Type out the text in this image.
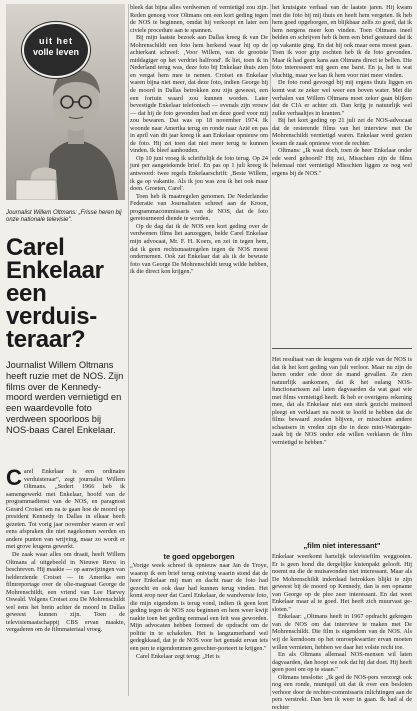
uit het
volle leven

Journalist Willem Oltmans: „Frisse heren bij onze nationale televisie".

Carel Enkelaar een verduisteraar?

Journalist Willem Oltmans heeft ruzie met de NOS. Zijn films over de Kennedy-moord werden vernietigd en een waardevolle foto verdween spoorloos bij NOS-baas Carel Enkelaar.

Carel Enkelaar is een ordinaire verduisteraar", zegt journalist Willem Oltmans. „Sedert 1966 heb ik samengewerkt met Enkelaar, hoofd van de programmadienst van de NOS, en paragnost Gerard Croiset om na te gaan hoe de moord op president Kennedy in Dallas in elkaar heeft gezeten. Tot vorig jaar november waren er wel eens afspraken die niet nagekomen werden en andere punten van wrijving, maar zo wordt er met grove leugens gewerkt.

De zaak waar alles om draait, heeft Willem Oltmans al uitgebeeld in Nieuwe Revu in beschreven. Hij maakte — op aanwijzingen van helderziende Croiset — in Amerika een filmreportage over de olie-magnaat George de Mohrenschildt, een vriend van Lee Harvey Oswald. Volgens Croiset zou De Mohrenschildt wel eens het brein achter de moord in Dallas geweest kunnen zijn. Toen de televisiemaatschappij CBS ervan maakte, vergaderen om de filmmateriaal vroeg.

bleek dat bijna alles verdwenen of vernietigd zou zijn. Reden genoeg voor Oltmans om een kort geding tegen de NOS te beginnen, omdat hij verkoopt en later een civiele procedure aan te spannen.

Bij mijn laatste bezoek aan Dallas kreeg ik van De Mohrenschildt een foto hem herkend waar hij op de achterkant schreef: ‚Voor Willem, van de grootste middagiger op het verdriet halfrond'. Ik liet, toen ik in Nederland terug was, deze foto bij Enkelaar thuis zien en vergat hem mee te nemen. Croiset en Enkelaar waren bijna niet meer, dat deze foto, indien George bij de moord in Dallas betrokken zou zijn geweest, een een fortuin waard zou kunnen worden. Later bevestigde Enkelaar telefonisch — evenals zijn vrouw — dat hij de foto gevonden had en deze goed voor mij zou bewaren. Dat was op 18 november 1974. Ik woonde naar Amerika terug en ronde naar Azië en pas in april van dit jaar kreeg ik aan Enkelaar opnieuw om de foto. Hij zei toen dat niet meer terug te kunnen vinden. Ik bleef aanhouden.

Op 10 juni vroeg ik schriftelijk de foto terug. Op 24 juni per aangetekende brief. En pas op 1 juli kreeg ik antwoord: twee regels Enkelaarschrift: ‚Beste Willem, ik ga op vakantie. Als ik jou was zou ik het ook maar doen. Groeten, Carel'.

Toen heb ik maatregelen genomen. De Nederlandse Federatie van Journalisten schreef aan de Kroon, programmacommissaris van de NOS, dat de foto geretourneerd diende te worden.

Op de dag dat ik de NOS een kort geding over de verdwenen films liet aanzeggen, belde Carel Enkelaar mijn advocaat, Mr. F. H. Koers, en zei in tegen hem, dat ik geen rechtsmaatregelen tegen de NOS moest ondernemen. Ook zat Enkelaar dat als ik de bewuste foto van George De Mohrenschildt terug wilde hebben, ik die direct kon krijgen."

te goed opgeborgen

„Vorige week schreef ik opnieuw naar Jan de Troye, waarop ik een brief terug ontving waarin stond dat de heer Enkelaar mij man en dacht naar de foto had gezocht en ook daar had kunnen terug vinden. Het komt erop neer dat Carel Enkelaar, de wandversie foto, die mijn eigendom is terug vond, indien ik geen kort geding tegen de NOS zou beginnen en hem weer kwijt raakte toen het geding eenmaal een feit was geworden. Mijn advocaten hebben formeel de opdracht om de politie in te schakelen. Het is langzamerhand wel gedegkkaad, dat je de NOS voor het gemakt ervan iets een pen te eigendommen gerechter-porteert te krijgen."

Carel Enkelaar zegt terug: „Het is

het kruisigste verhaal van de laatste jaren. Hij kwam met die foto bij mij thuis en heeft hem vergeten. Ik heb hem goed opgeborgen, en blijkbaar zelfs zo goed, dat ik hem nergens meer kon vinden. Toen Oltmans ineel belden en schrijven heb ik hem een brief gestuurd dat ik op vakantie ging. En dat hij ook maar eens moest gaan. Toen ik voor grip zochten heb ik de foto gevonden. Maar ik had geen kans aan Oltmans direct te bellen. Die foto interesseert mij geen ene barst. En ja, het is wat vluchtig, maar we kan ik hem voor niet meer vinden.

De foto rond gevoegd bij mij ergens thuis liggen en komt wat ze zeker wel weer een boven water. Met die verhalen van Willem Oltmans moet zeker gaan blijken dat de CIA er achter zit. Dan krijg je natuurlijk wel zulke verhaaltjes in kranten."

Bij het kort geding op 21 juli zei de NOS-advocaat dat de resterende films van het interview met De Mohrenschildt vernietigd waren. Enkelaar werd gezien kwam de zaak opnieuw voor de rechter.

Oltmans: „Ik wast doch, toen de heer Enkelaar onder ede werd gehoord? Hij zei, Misschien zijn de films helemaal niet vernietigd Misschien liggen ze nog wel ergens bij de NOS."

Het resultaat van de leugens van de zijde van de NOS is dat ik het kort geding van juli verloor. Maar nu zijn de heren onder ede door de mand gevallen. Ze zien natuurlijk aankomen, dat ik het oulang NOS-functionarissen zal laten dagvaarden da wat gaat wie met films vernietigd heeft. Ik heb er overigens rekening mee, dat als Enkelaar niet een sterk gezicht meineed pleegt en verklaart nu nooit te loofd te hebben dat de films bewaard zouden blijven, er misschien andere schaatsers in vreden zijn die in deze mini-Watergate-zaak bij de NOS onder ede willen verklaren de film vernietigd te hebben."

„film niet interessant"

Enkelaar weerkomt hartelijk televisiefilm weggooien. Er is geen hond die dergelijke kistenpakt gelooft. Hij noemt nu die de muisavonden niet interessant. Maar als De Mohrenschildt inderdaad betrokken blijkt te zijn geweest bij de moord op Kennedy, dan is een opname van George op de plee zeer interessant. En dat weet Enkelaar maar al te goed. Het heeft zich muurvast ge-sloten."

Enkelaar: „Oltmans heeft in 1967 opdracht gekregen van de NOS om dat interview te maken met De Mohrenschildt. Die film is eigendom van de NOS. Als wij de kerndoom op het omroepkwartier ervan moeten willen vernieten, hebben we daar het volste recht toe.

En als Oltmans allemaal NOS-mensen wil laten dagvaarden, dan hoopt we ook dat hij dat doet. Hij heeft geen poot om op te staan."

Oltmans tenslotte: „Ik ged de NOS-pers verzorgt ook nog een ronde, muniquil uit dat ik over een besloten verhoor door de rechter-commissaris inlichtingen aan de pers verstrekt. Dan ben ik weer in gaan. Ik had al de rechter
